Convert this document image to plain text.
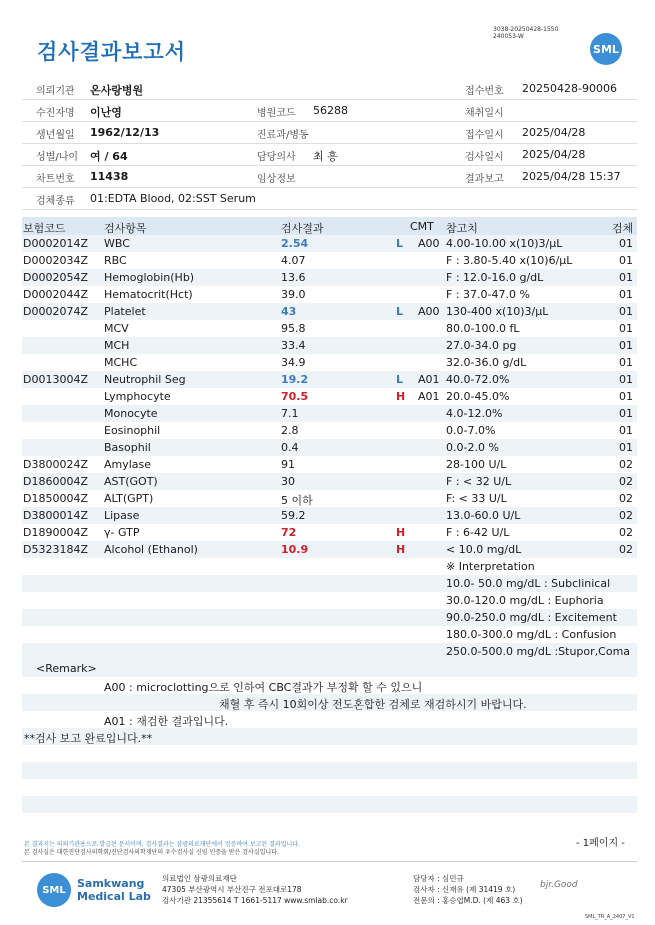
검사결과보고서
3038-20250428-1550
240053-W
SML
의뢰기관 온사랑병원	접수번호 20250428-90006
수진자명 이난영	병원코드 56288	채취일시
생년월일 1962/12/13	진료과/병동	접수일시 2025/04/28
성별/나이 여 / 64	담당의사 최 흥	검사일시 2025/04/28
차트번호 11438	임상정보	결과보고 2025/04/28 15:37
검체종류 01:EDTA Blood, 02:SST Serum
보험코드	검사항목	검사결과	CMT 참고치	검체
D0002014Z WBC	2.54	L A00 4.00-10.00 x(10)3/μL	01
D0002034Z RBC	4.07	F : 3.80-5.40 x(10)6/μL	01
D0002054Z Hemoglobin(Hb)	13.6	F : 12.0-16.0 g/dL	01
D0002044Z Hematocrit(Hct)	39.0	F : 37.0-47.0 %	01
D0002074Z Platelet	43	L A00 130-400 x(10)3/μL	01
MCV	95.8	80.0-100.0 fL	01
MCH	33.4	27.0-34.0 pg	01
MCHC	34.9	32.0-36.0 g/dL	01
D0013004Z Neutrophil Seg	19.2	L A01 40.0-72.0%	01
Lymphocyte	70.5	H A01 20.0-45.0%	01
Monocyte	7.1	4.0-12.0%	01
Eosinophil	2.8	0.0-7.0%	01
Basophil	0.4	0.0-2.0 %	01
D3800024Z Amylase	91	28-100 U/L	02
D1860004Z AST(GOT)	30	F : < 32 U/L	02
D1850004Z ALT(GPT)	5 이하	F: < 33 U/L	02
D3800014Z Lipase	59.2	13.0-60.0 U/L	02
D1890004Z γ- GTP	72	H	F : 6-42 U/L	02
D5323184Z Alcohol (Ethanol)	10.9	H	< 10.0 mg/dL	02
※ Interpretation
10.0- 50.0 mg/dL : Subclinical
30.0-120.0 mg/dL : Euphoria
90.0-250.0 mg/dL : Excitement
180.0-300.0 mg/dL : Confusion
250.0-500.0 mg/dL :Stupor,Coma
<Remark>
A00 : microclotting으로 인하여 CBC결과가 부정확 할 수 있으니
채혈 후 즉시 10회이상 전도혼합한 검체로 재검하시기 바랍니다.
A01 : 재검한 결과입니다.
**검사 보고 완료입니다.**
본 결과지는 의뢰기관용으로 발급된 문서이며, 검사결과는 삼광의료재단에서 검증하여 보고된 결과입니다.
본 검사실은 대한진단검사의학회/진단검사의학재단의 우수검사실 신임 인증을 받은 검사실입니다.
- 1페이지 -
SML	Samkwang
Medical Lab
의료법인 삼광의료재단
47305 부산광역시 부산진구 전포대로178
검사기관 21355614 T 1661-5117 www.smlab.co.kr
담당자 : 심민규
검사자 : 신재유 (제 31419 호)
전문의 : 홍승엽M.D. (제 463 호)
bjr.Good
SML_TR_A_2407_V1
